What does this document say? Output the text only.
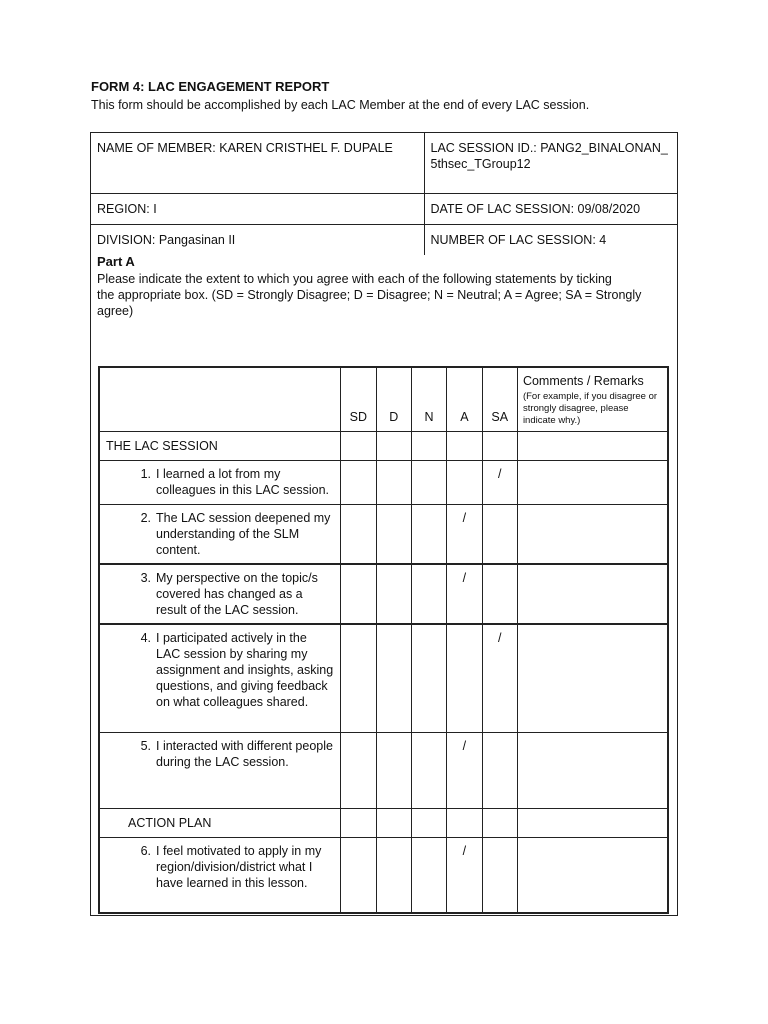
FORM 4: LAC ENGAGEMENT REPORT
This form should be accomplished by each LAC Member at the end of every LAC session.
NAME OF MEMBER: KAREN CRISTHEL F. DUPALE	LAC SESSION ID.: PANG2_BINALONAN_5thsec_TGroup12
REGION: I	DATE OF LAC SESSION: 09/08/2020
DIVISION: Pangasinan II	NUMBER OF LAC SESSION: 4
Part A
Please indicate the extent to which you agree with each of the following statements by ticking
the appropriate box. (SD = Strongly Disagree; D = Disagree; N = Neutral; A = Agree; SA = Strongly agree)
	SD	D	N	A	SA	Comments / Remarks
(For example, if you disagree or strongly disagree, please indicate why.)

THE LAC SESSION						

1. I learned a lot from my colleagues in this LAC session.					/	

2. The LAC session deepened my understanding of the SLM content.				/		

3. My perspective on the topic/s covered has changed as a result of the LAC session.				/		

4. I participated actively in the LAC session by sharing my assignment and insights, asking questions, and giving feedback on what colleagues shared.					/	

5. I interacted with different people during the LAC session.				/		

ACTION PLAN						

6. I feel motivated to apply in my region/division/district what I have learned in this lesson.				/		
